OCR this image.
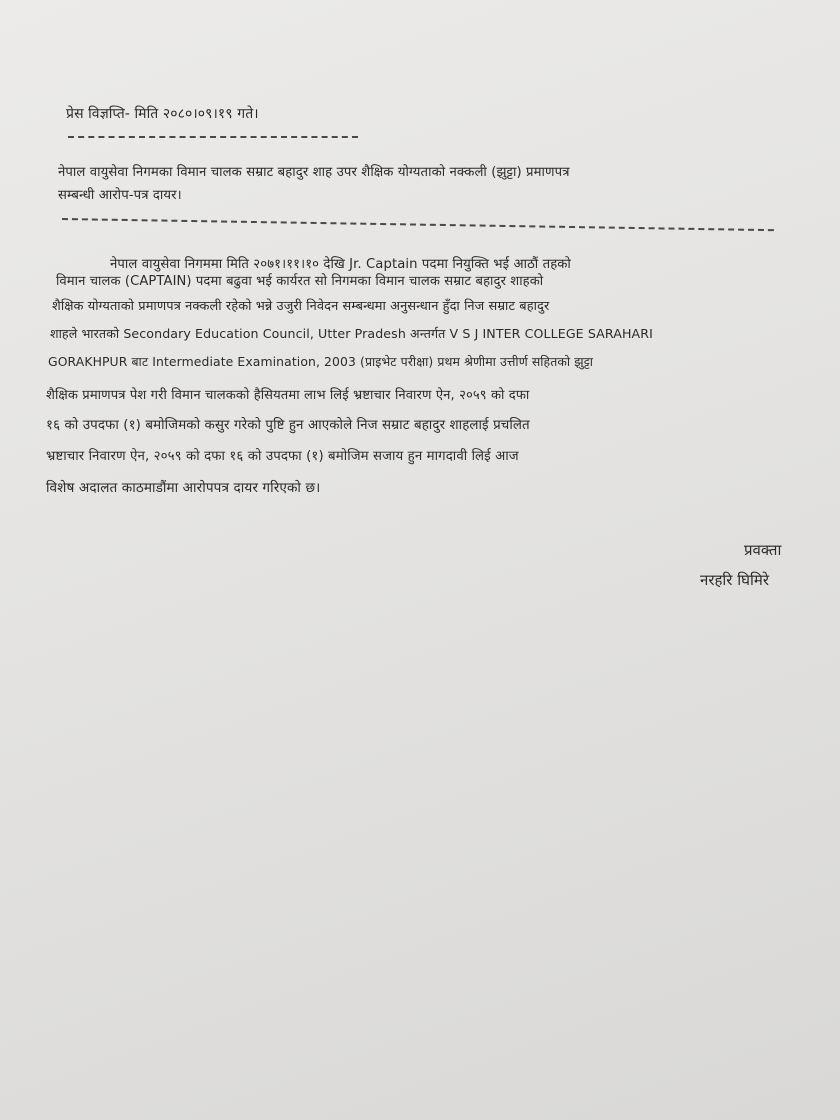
प्रेस विज्ञप्ति- मिति २०८०।०९।१९ गते।
नेपाल वायुसेवा निगमका विमान चालक सम्राट बहादुर शाह उपर शैक्षिक योग्यताको नक्कली (झुट्टा) प्रमाणपत्र
सम्बन्धी आरोप-पत्र दायर।
नेपाल वायुसेवा निगममा मिति २०७१।११।१० देखि Jr. Captain पदमा नियुक्ति भई आठौं तहको
विमान चालक (CAPTAIN) पदमा बढुवा भई कार्यरत सो निगमका विमान चालक सम्राट बहादुर शाहको
शैक्षिक योग्यताको प्रमाणपत्र नक्कली रहेको भन्ने उजुरी निवेदन सम्बन्धमा अनुसन्धान हुँदा निज सम्राट बहादुर
शाहले भारतको Secondary Education Council, Utter Pradesh अन्तर्गत V S J INTER COLLEGE SARAHARI
GORAKHPUR बाट Intermediate Examination, 2003 (प्राइभेट परीक्षा) प्रथम श्रेणीमा उत्तीर्ण सहितको झुट्टा
शैक्षिक प्रमाणपत्र पेश गरी विमान चालकको हैसियतमा लाभ लिई भ्रष्टाचार निवारण ऐन, २०५९ को दफा
१६ को उपदफा (१) बमोजिमको कसुर गरेको पुष्टि हुन आएकोले निज सम्राट बहादुर शाहलाई प्रचलित
भ्रष्टाचार निवारण ऐन, २०५९ को दफा १६ को उपदफा (१) बमोजिम सजाय हुन मागदावी लिई आज
विशेष अदालत काठमाडौंमा आरोपपत्र दायर गरिएको छ।
प्रवक्ता
नरहरि घिमिरे
